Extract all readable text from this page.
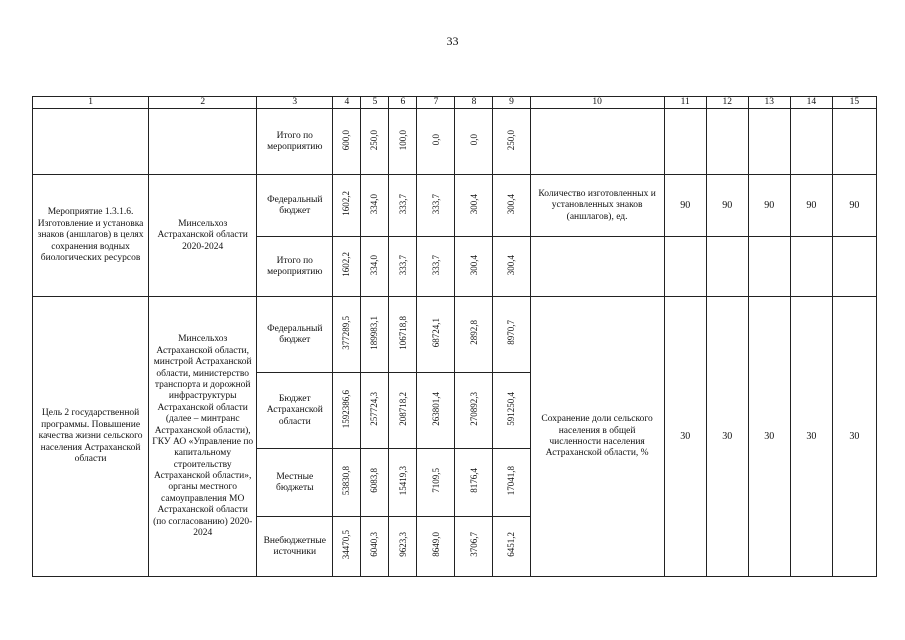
33
1	2	3	4	5	6	7	8	9	10	11	12	13	14	15
		Итого по мероприятию	600,0	250,0	100,0	0,0	0,0	250,0						
Мероприятие 1.3.1.6. Изготовление и установка знаков (аншлагов) в целях сохранения водных биологических ресурсов	Минсельхоз Астраханской области 2020-2024	Федеральный бюджет	1602,2	334,0	333,7	333,7	300,4	300,4	Количество изготовленных и установленных знаков (аншлагов), ед.	90	90	90	90	90
		Итого по мероприятию	1602,2	334,0	333,7	333,7	300,4	300,4						
Цель 2 государственной программы. Повышение качества жизни сельского населения Астраханской области	Минсельхоз Астраханской области, минстрой Астраханской области, министерство транспорта и дорожной инфраструктуры Астраханской области (далее – минтранс Астраханской области), ГКУ АО «Управление по капитальному строительству Астраханской области», органы местного самоуправления МО Астраханской области (по согласованию) 2020-2024	Федеральный бюджет	377289,5	189983,1	106718,8	68724,1	2892,8	8970,7	Сохранение доли сельского населения в общей численности населения Астраханской области, %	30	30	30	30	30
		Бюджет Астраханской области	1592386,6	257724,3	208718,2	263801,4	270892,3	591250,4						
		Местные бюджеты	53830,8	6083,8	15419,3	7109,5	8176,4	17041,8						
		Внебюджетные источники	34470,5	6040,3	9623,3	8649,0	3706,7	6451,2						
